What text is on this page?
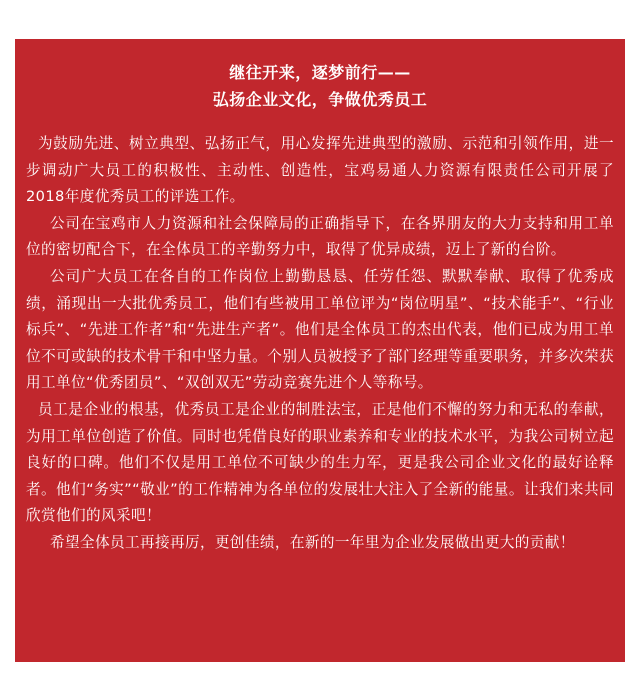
继往开来，逐梦前行——
弘扬企业文化，争做优秀员工

为鼓励先进、树立典型、弘扬正气，用心发挥先进典型的激励、示范和引领作用，进一步调动广大员工的积极性、主动性、创造性，宝鸡易通人力资源有限责任公司开展了2018年度优秀员工的评选工作。

公司在宝鸡市人力资源和社会保障局的正确指导下，在各界朋友的大力支持和用工单位的密切配合下，在全体员工的辛勤努力中，取得了优异成绩，迈上了新的台阶。

公司广大员工在各自的工作岗位上勤勤恳恳、任劳任怨、默默奉献、取得了优秀成绩，涌现出一大批优秀员工，他们有些被用工单位评为“岗位明星”、“技术能手”、“行业标兵”、“先进工作者”和“先进生产者”。他们是全体员工的杰出代表，他们已成为用工单位不可或缺的技术骨干和中坚力量。个别人员被授予了部门经理等重要职务，并多次荣获用工单位“优秀团员”、“双创双无”劳动竞赛先进个人等称号。

员工是企业的根基，优秀员工是企业的制胜法宝，正是他们不懈的努力和无私的奉献，为用工单位创造了价值。同时也凭借良好的职业素养和专业的技术水平，为我公司树立起良好的口碑。他们不仅是用工单位不可缺少的生力军，更是我公司企业文化的最好诠释者。他们“务实”“敬业”的工作精神为各单位的发展壮大注入了全新的能量。让我们来共同欣赏他们的风采吧！

希望全体员工再接再厉，更创佳绩，在新的一年里为企业发展做出更大的贡献！
